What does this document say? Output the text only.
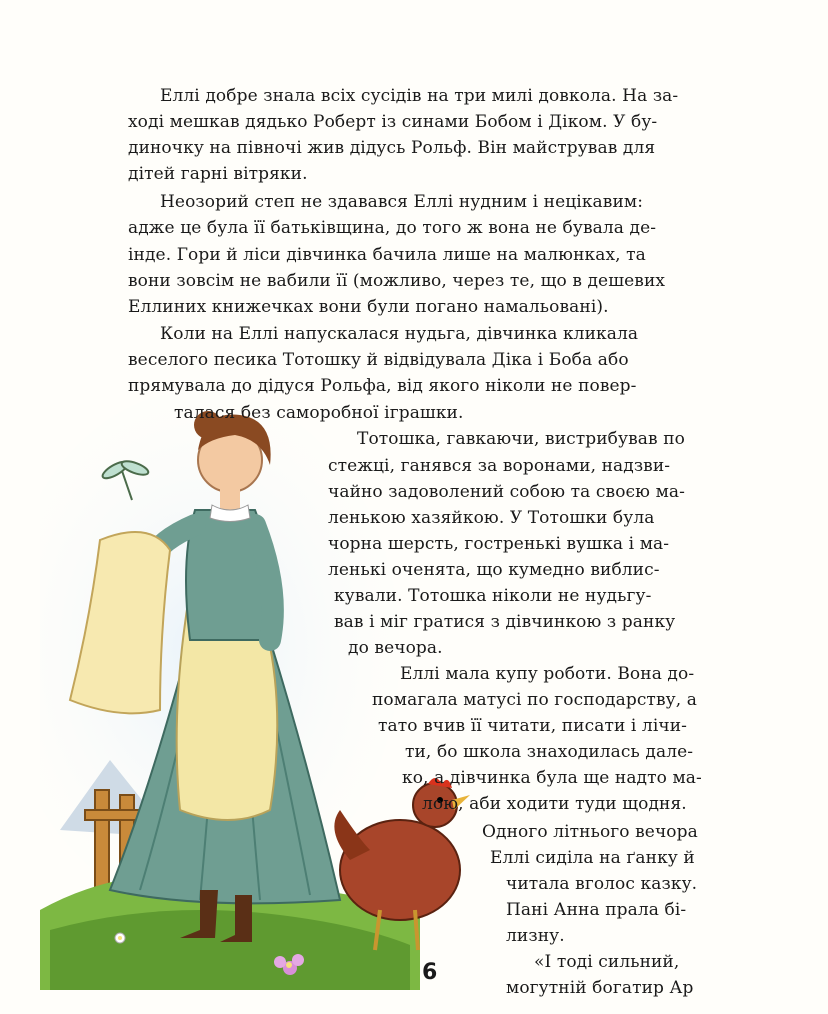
Еллі добре знала всіх сусідів на три милі довкола. На за-
ході мешкав дядько Роберт із синами Бобом і Діком. У бу-
диночку на півночі жив дідусь Рольф. Він майстрував для
дітей гарні вітряки.
Неозорий степ не здавався Еллі нудним і нецікавим:
адже це була її батьківщина, до того ж вона не бувала де-
інде. Гори й ліси дівчинка бачила лише на малюнках, та
вони зовсім не вабили її (можливо, через те, що в дешевих
Еллиних книжечках вони були погано намальовані).
Коли на Еллі напускалася нудьга, дівчинка кликала
веселого песика Тотошку й відвідувала Діка і Боба або
прямувала до дідуся Рольфа, від якого ніколи не повер-
талася без саморобної іграшки.
Тотошка, гавкаючи, вистрибував по
стежці, ганявся за воронами, надзви-
чайно задоволений собою та своєю ма-
ленькою хазяйкою. У Тотошки була
чорна шерсть, гостренькі вушка і ма-
ленькі оченята, що кумедно виблис-
кували. Тотошка ніколи не нудьгу-
вав і міг гратися з дівчинкою з ранку
до вечора.
Еллі мала купу роботи. Вона до-
помагала матусі по господарству, а
тато вчив її читати, писати і лічи-
ти, бо школа знаходилась дале-
ко, а дівчинка була ще надто ма-
лою, аби ходити туди щодня.
Одного літнього вечора
Еллі сиділа на ґанку й
читала вголос казку.
Пані Анна прала бі-
лизну.
«І тоді сильний,
могутній богатир Ар
6
